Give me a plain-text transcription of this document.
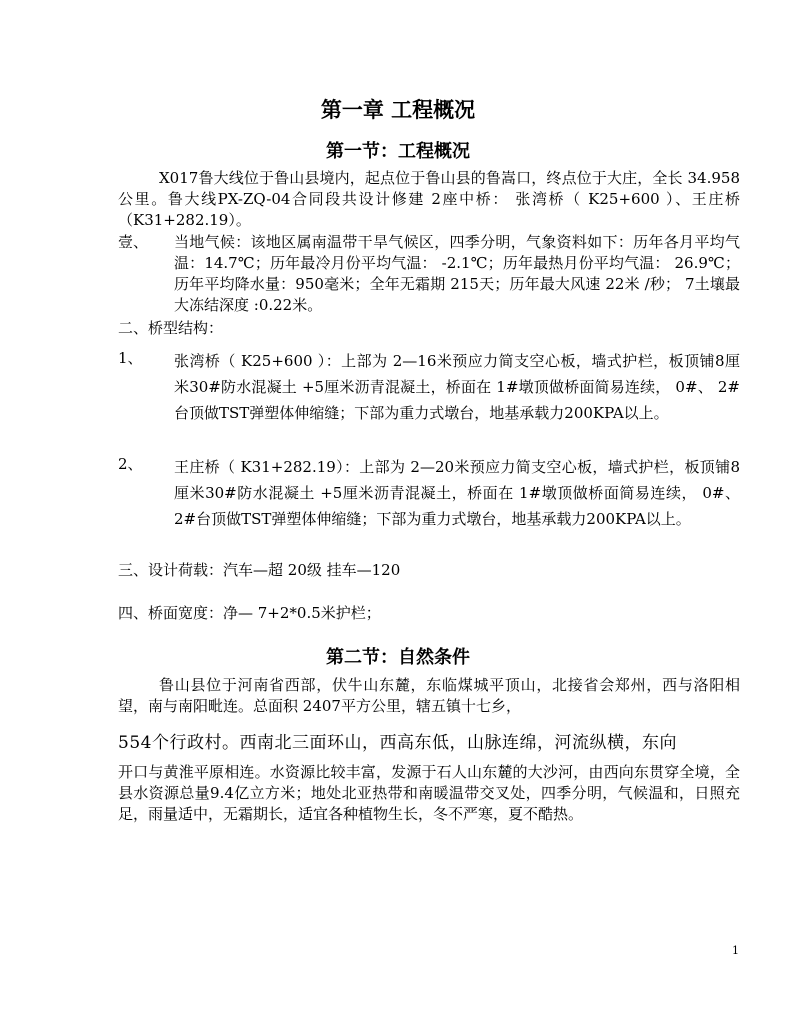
第一章 工程概况
第一节：工程概况

X017鲁大线位于鲁山县境内，起点位于鲁山县的鲁嵩口，终点位于大庄，全长 34.958公里。鲁大线PX-ZQ-04合同段共设计修建 2座中桥： 张湾桥（ K25+600 ）、王庄桥（K31+282.19）。

壹、 当地气候：该地区属南温带干旱气候区，四季分明，气象资料如下：历年各月平均气温：14.7℃；历年最冷月份平均气温： -2.1℃；历年最热月份平均气温： 26.9℃；历年平均降水量：950毫米；全年无霜期 215天；历年最大风速 22米 /秒； 7土壤最大冻结深度 :0.22米。
二、桥型结构：
1、 张湾桥（ K25+600 ）：上部为 2—16米预应力简支空心板，墙式护栏，板顶铺8厘米30#防水混凝土 +5厘米沥青混凝土，桥面在 1#墩顶做桥面简易连续， 0#、 2#台顶做TST弹塑体伸缩缝；下部为重力式墩台，地基承载力200KPA以上。
2、 王庄桥（ K31+282.19）：上部为 2—20米预应力简支空心板，墙式护栏，板顶铺8厘米30#防水混凝土 +5厘米沥青混凝土，桥面在 1#墩顶做桥面简易连续， 0#、 2#台顶做TST弹塑体伸缩缝；下部为重力式墩台，地基承载力200KPA以上。
三、设计荷载：汽车—超 20级 挂车—120
四、桥面宽度：净— 7+2*0.5米护栏；
第二节：自然条件

鲁山县位于河南省西部，伏牛山东麓，东临煤城平顶山，北接省会郑州，西与洛阳相望，南与南阳毗连。总面积 2407平方公里，辖五镇十七乡，

554个行政村。西南北三面环山，西高东低，山脉连绵，河流纵横，东向

开口与黄淮平原相连。水资源比较丰富，发源于石人山东麓的大沙河，由西向东贯穿全境，全县水资源总量9.4亿立方米；地处北亚热带和南暖温带交叉处，四季分明，气候温和，日照充足，雨量适中，无霜期长，适宜各种植物生长，冬不严寒，夏不酷热。

1
